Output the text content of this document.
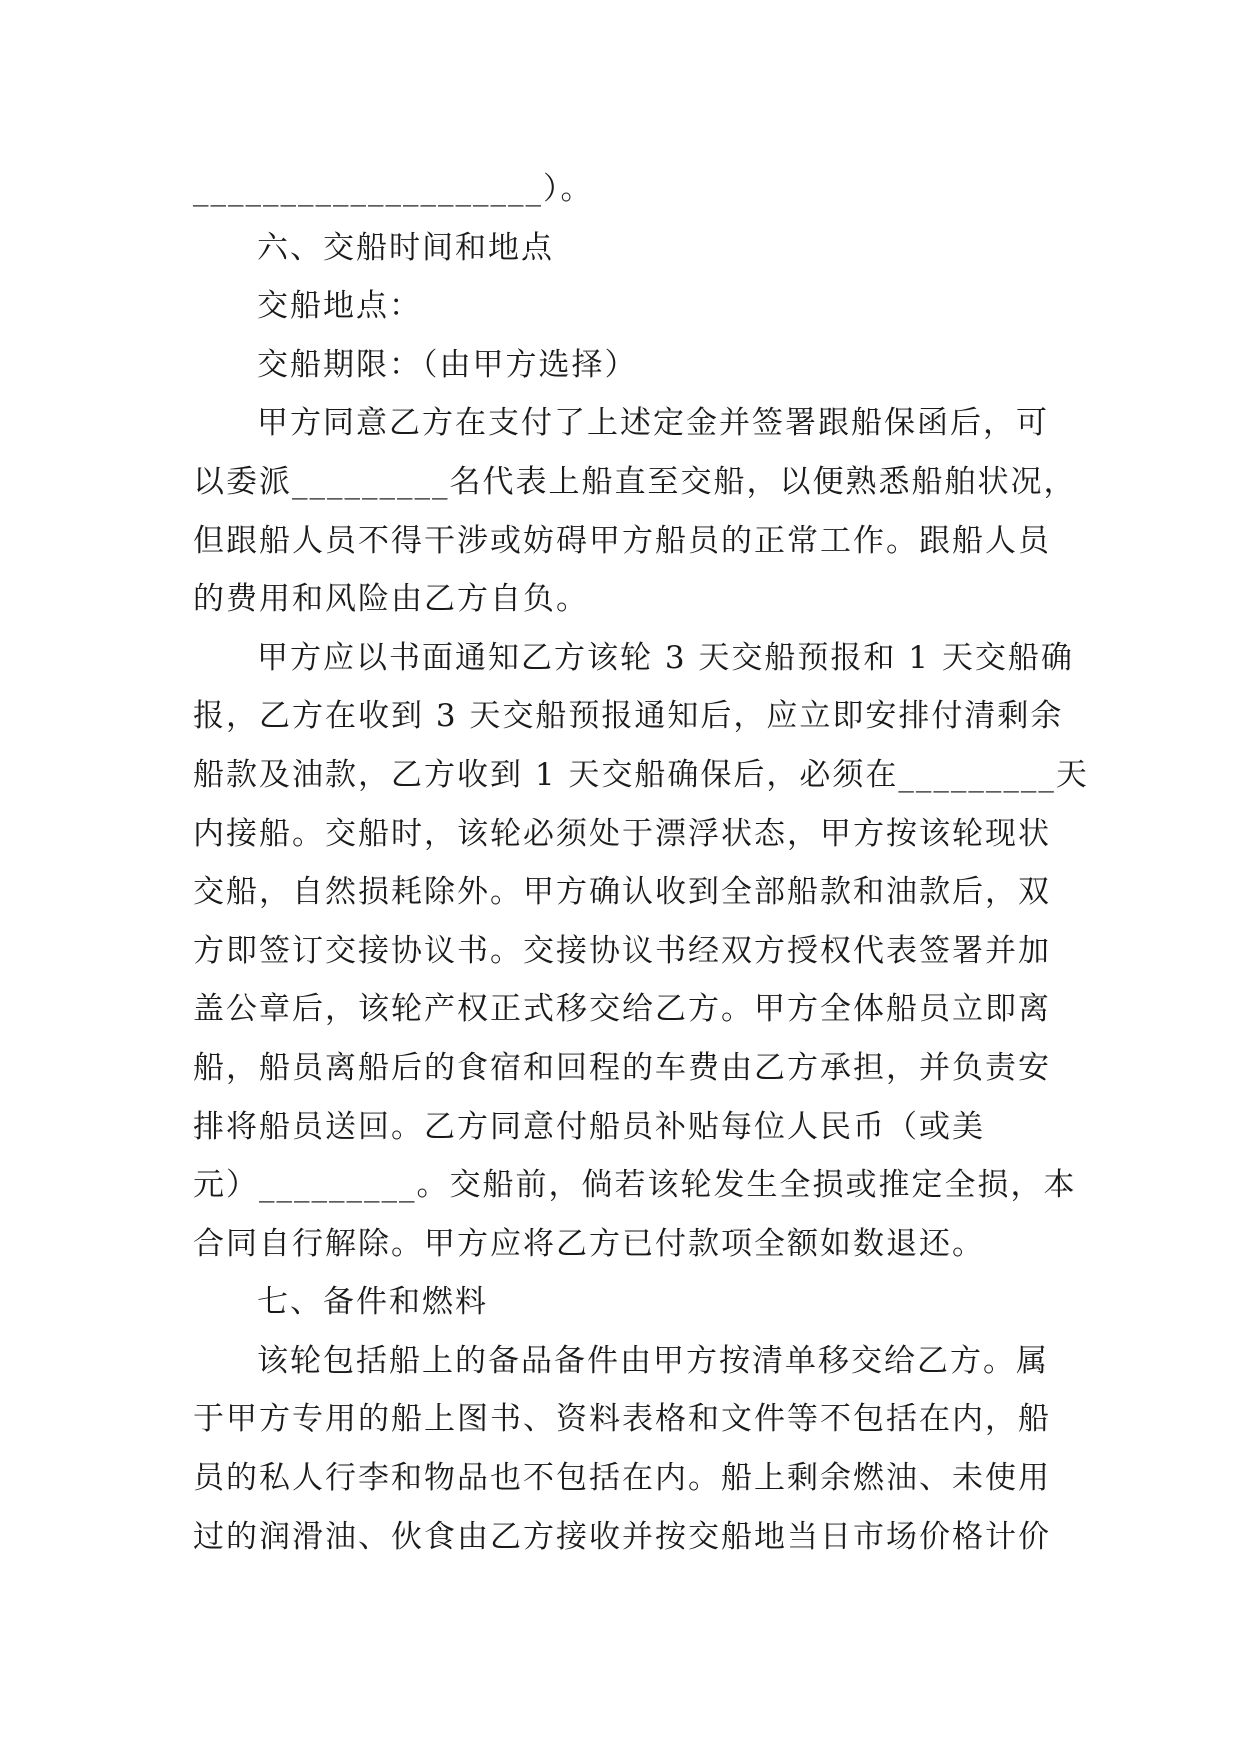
____________________）。
六、交船时间和地点
交船地点：
交船期限：（由甲方选择）
甲方同意乙方在支付了上述定金并签署跟船保函后，可
以委派_________名代表上船直至交船，以便熟悉船舶状况，
但跟船人员不得干涉或妨碍甲方船员的正常工作。跟船人员
的费用和风险由乙方自负。
甲方应以书面通知乙方该轮 3 天交船预报和 1 天交船确
报，乙方在收到 3 天交船预报通知后，应立即安排付清剩余
船款及油款，乙方收到 1 天交船确保后，必须在_________天
内接船。交船时，该轮必须处于漂浮状态，甲方按该轮现状
交船，自然损耗除外。甲方确认收到全部船款和油款后，双
方即签订交接协议书。交接协议书经双方授权代表签署并加
盖公章后，该轮产权正式移交给乙方。甲方全体船员立即离
船，船员离船后的食宿和回程的车费由乙方承担，并负责安
排将船员送回。乙方同意付船员补贴每位人民币（或美
元）_________。交船前，倘若该轮发生全损或推定全损，本
合同自行解除。甲方应将乙方已付款项全额如数退还。
七、备件和燃料
该轮包括船上的备品备件由甲方按清单移交给乙方。属
于甲方专用的船上图书、资料表格和文件等不包括在内，船
员的私人行李和物品也不包括在内。船上剩余燃油、未使用
过的润滑油、伙食由乙方接收并按交船地当日市场价格计价
